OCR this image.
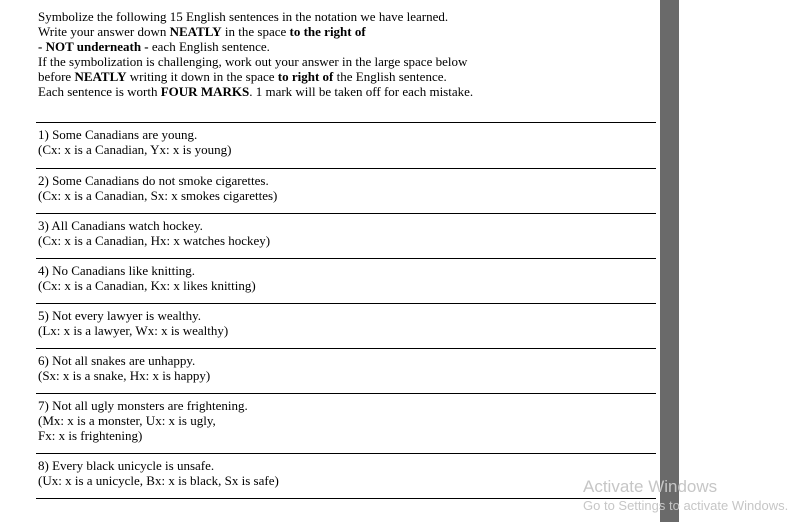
Symbolize the following 15 English sentences in the notation we have learned.
Write your answer down NEATLY in the space to the right of
- NOT underneath - each English sentence.
If the symbolization is challenging, work out your answer in the large space below
before NEATLY writing it down in the space to right of the English sentence.
Each sentence is worth FOUR MARKS. 1 mark will be taken off for each mistake.
1) Some Canadians are young.
(Cx: x is a Canadian, Yx: x is young)
2) Some Canadians do not smoke cigarettes.
(Cx: x is a Canadian, Sx: x smokes cigarettes)
3) All Canadians watch hockey.
(Cx: x is a Canadian, Hx: x watches hockey)
4) No Canadians like knitting.
(Cx: x is a Canadian, Kx: x likes knitting)
5) Not every lawyer is wealthy.
(Lx: x is a lawyer, Wx: x is wealthy)
6) Not all snakes are unhappy.
(Sx: x is a snake, Hx: x is happy)
7) Not all ugly monsters are frightening.
(Mx: x is a monster, Ux: x is ugly,
Fx: x is frightening)
8) Every black unicycle is unsafe.
(Ux: x is a unicycle, Bx: x is black, Sx is safe)	Activate Windows
Go to Settings to activate Windows.
